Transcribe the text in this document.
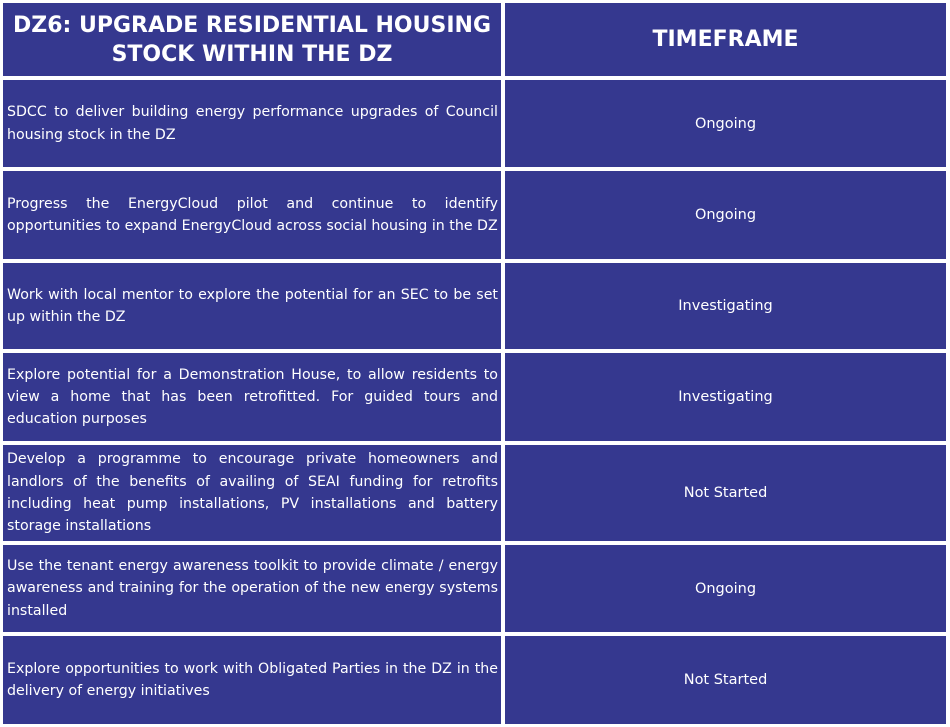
DZ6: UPGRADE RESIDENTIAL HOUSING STOCK WITHIN THE DZ
TIMEFRAME
SDCC to deliver building energy performance upgrades of Council housing stock in the DZ
Ongoing
Progress the EnergyCloud pilot and continue to identify opportunities to expand EnergyCloud across social housing in the DZ
Ongoing
Work with local mentor to explore the potential for an SEC to be set up within the DZ
Investigating
Explore potential for a Demonstration House, to allow residents to view a home that has been retrofitted. For guided tours and education purposes
Investigating
Develop a programme to encourage private homeowners and landlors of the benefits of availing of SEAI funding for retrofits including heat pump installations, PV installations and battery storage installations
Not Started
Use the tenant energy awareness toolkit to provide climate / energy awareness and training for the operation of the new energy systems installed
Ongoing
Explore opportunities to work with Obligated Parties in the DZ in the delivery of energy initiatives
Not Started
